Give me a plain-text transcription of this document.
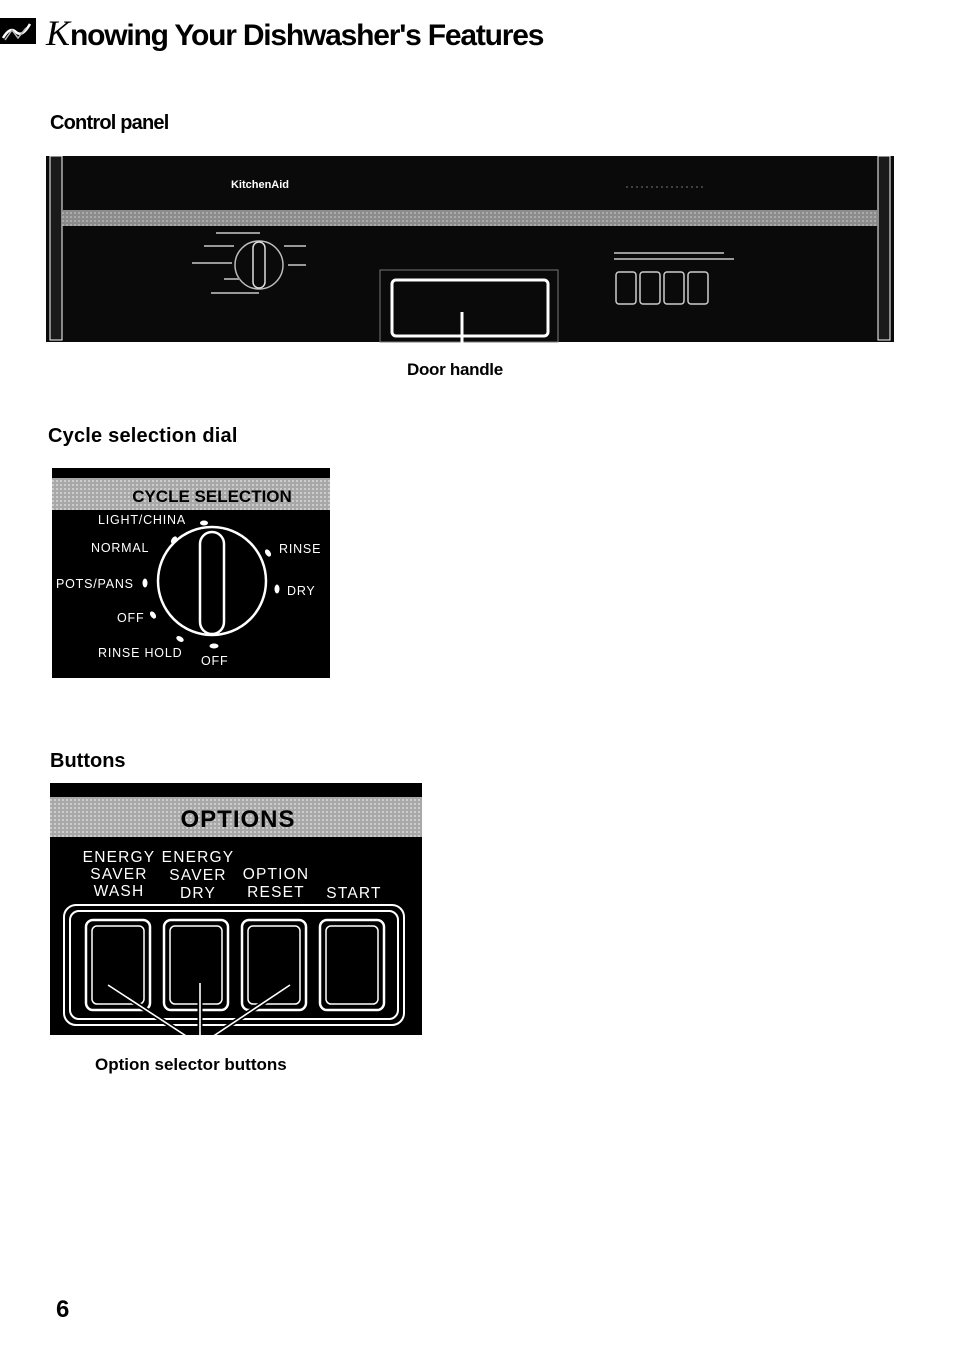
Knowing Your Dishwasher's Features
Control panel
KitchenAid
Door handle
Cycle selection dial
CYCLE SELECTION
LIGHT/CHINA
NORMAL	RINSE
POTS/PANS	DRY
OFF
RINSE HOLD
OFF
Buttons
OPTIONS
ENERGY
SAVER
WASH
ENERGY
SAVER
DRY
OPTION
RESET START
Option selector buttons
6
